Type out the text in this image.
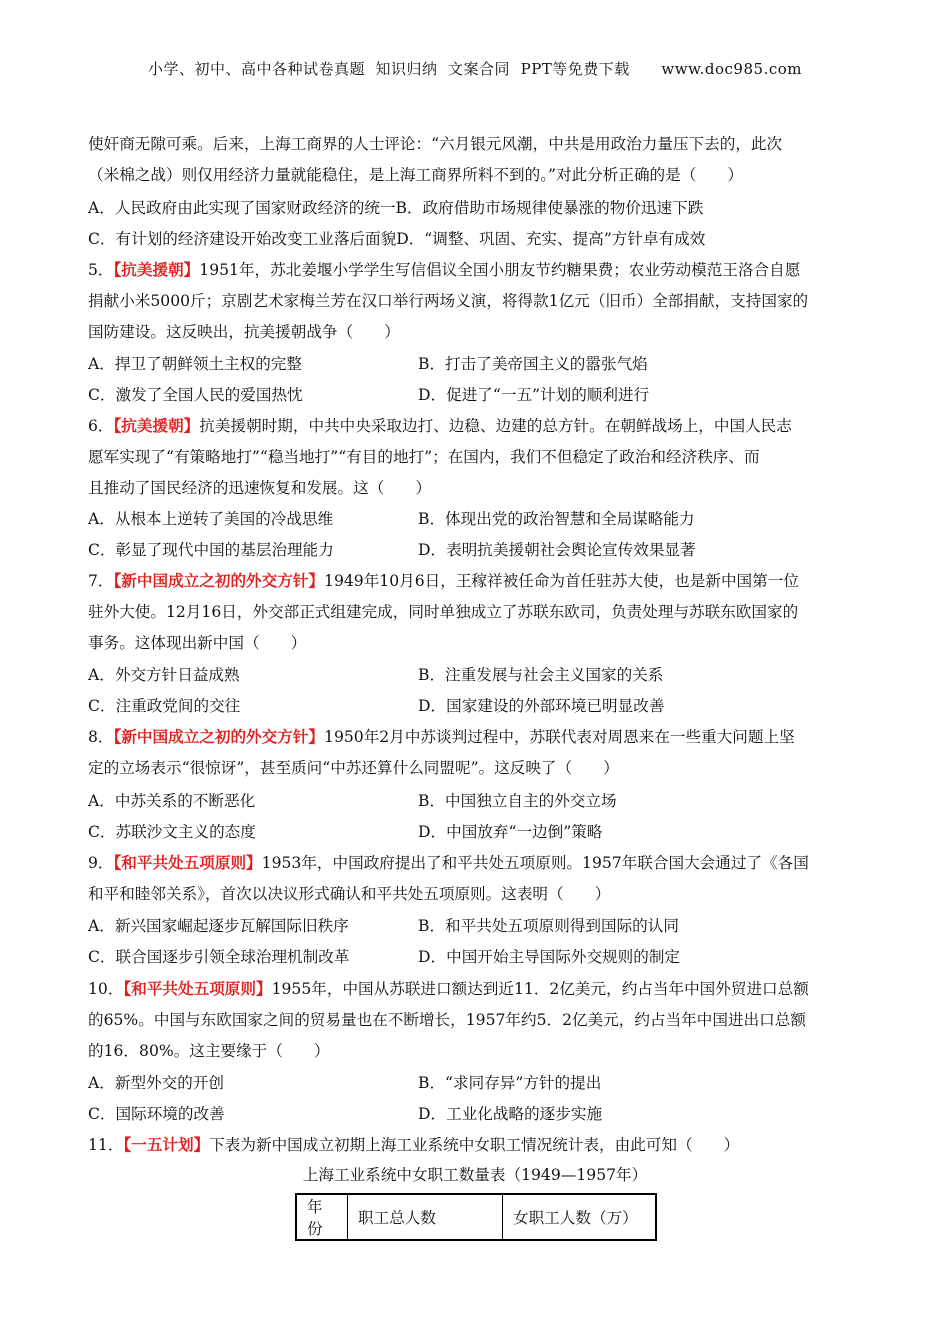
小学、初中、高中各种试卷真题  知识归纳  文案合同  PPT等免费下载      www.doc985.com
使奸商无隙可乘。后来，上海工商界的人士评论：“六月银元风潮，中共是用政治力量压下去的，此次
（米棉之战）则仅用经济力量就能稳住，是上海工商界所料不到的。”对此分析正确的是（　　）
A．人民政府由此实现了国家财政经济的统一B．政府借助市场规律使暴涨的物价迅速下跌
C．有计划的经济建设开始改变工业落后面貌D．“调整、巩固、充实、提高”方针卓有成效
5．【抗美援朝】1951年，苏北姜堰小学学生写信倡议全国小朋友节约糖果费；农业劳动模范王洛合自愿
捐献小米5000斤；京剧艺术家梅兰芳在汉口举行两场义演，将得款1亿元（旧币）全部捐献，支持国家的
国防建设。这反映出，抗美援朝战争（　　）
A．捍卫了朝鲜领土主权的完整	B．打击了美帝国主义的嚣张气焰
C．激发了全国人民的爱国热忱	D．促进了“一五”计划的顺利进行
6．【抗美援朝】抗美援朝时期，中共中央采取边打、边稳、边建的总方针。在朝鲜战场上，中国人民志
愿军实现了“有策略地打”“稳当地打”“有目的地打”；在国内，我们不但稳定了政治和经济秩序、而
且推动了国民经济的迅速恢复和发展。这（　　）
A．从根本上逆转了美国的冷战思维	B．体现出党的政治智慧和全局谋略能力
C．彰显了现代中国的基层治理能力	D．表明抗美援朝社会舆论宣传效果显著
7．【新中国成立之初的外交方针】1949年10月6日，王稼祥被任命为首任驻苏大使，也是新中国第一位
驻外大使。12月16日，外交部正式组建完成，同时单独成立了苏联东欧司，负责处理与苏联东欧国家的
事务。这体现出新中国（　　）
A．外交方针日益成熟	B．注重发展与社会主义国家的关系
C．注重政党间的交往	D．国家建设的外部环境已明显改善
8．【新中国成立之初的外交方针】1950年2月中苏谈判过程中，苏联代表对周恩来在一些重大问题上坚
定的立场表示“很惊讶”，甚至质问“中苏还算什么同盟呢”。这反映了（　　）
A．中苏关系的不断恶化	B．中国独立自主的外交立场
C．苏联沙文主义的态度	D．中国放弃“一边倒”策略
9．【和平共处五项原则】1953年，中国政府提出了和平共处五项原则。1957年联合国大会通过了《各国
和平和睦邻关系》，首次以决议形式确认和平共处五项原则。这表明（　　）
A．新兴国家崛起逐步瓦解国际旧秩序	B．和平共处五项原则得到国际的认同
C．联合国逐步引领全球治理机制改革	D．中国开始主导国际外交规则的制定
10．【和平共处五项原则】1955年，中国从苏联进口额达到近11．2亿美元，约占当年中国外贸进口总额
的65%。中国与东欧国家之间的贸易量也在不断增长，1957年约5．2亿美元，约占当年中国进出口总额
的16．80%。这主要缘于（　　）
A．新型外交的开创	B．“求同存异”方针的提出
C．国际环境的改善	D．工业化战略的逐步实施
11．【一五计划】下表为新中国成立初期上海工业系统中女职工情况统计表，由此可知（　　）
上海工业系统中女职工数量表（1949—1957年）
年份	职工总人数	女职工人数（万）
